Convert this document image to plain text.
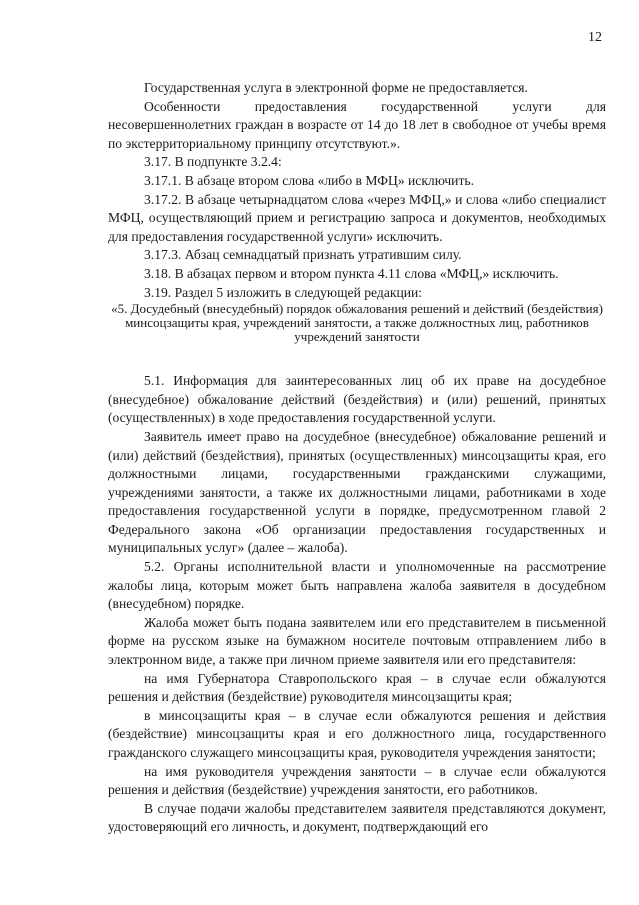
12

Государственная услуга в электронной форме не предоставляется.

Особенности предоставления государственной услуги для несовершеннолетних граждан в возрасте от 14 до 18 лет в свободное от учебы время по экстерриториальному принципу отсутствуют.».

3.17. В подпункте 3.2.4:

3.17.1. В абзаце втором слова «либо в МФЦ» исключить.

3.17.2. В абзаце четырнадцатом слова «через МФЦ,» и слова «либо специалист МФЦ, осуществляющий прием и регистрацию запроса и документов, необходимых для предоставления государственной услуги» исключить.

3.17.3. Абзац семнадцатый признать утратившим силу.

3.18. В абзацах первом и втором пункта 4.11 слова «МФЦ,» исключить.

3.19. Раздел 5 изложить в следующей редакции:

«5. Досудебный (внесудебный) порядок обжалования решений и действий (бездействия) минсоцзащиты края, учреждений занятости, а также должностных лиц, работников учреждений занятости

5.1. Информация для заинтересованных лиц об их праве на досудебное (внесудебное) обжалование действий (бездействия) и (или) решений, принятых (осуществленных) в ходе предоставления государственной услуги.

Заявитель имеет право на досудебное (внесудебное) обжалование решений и (или) действий (бездействия), принятых (осуществленных) минсоцзащиты края, его должностными лицами, государственными гражданскими служащими, учреждениями занятости, а также их должностными лицами, работниками в ходе предоставления государственной услуги в порядке, предусмотренном главой 2 Федерального закона «Об организации предоставления государственных и муниципальных услуг» (далее – жалоба).

5.2. Органы исполнительной власти и уполномоченные на рассмотрение жалобы лица, которым может быть направлена жалоба заявителя в досудебном (внесудебном) порядке.

Жалоба может быть подана заявителем или его представителем в письменной форме на русском языке на бумажном носителе почтовым отправлением либо в электронном виде, а также при личном приеме заявителя или его представителя:

на имя Губернатора Ставропольского края – в случае если обжалуются решения и действия (бездействие) руководителя минсоцзащиты края;

в минсоцзащиты края – в случае если обжалуются решения и действия (бездействие) минсоцзащиты края и его должностного лица, государственного гражданского служащего минсоцзащиты края, руководителя учреждения занятости;

на имя руководителя учреждения занятости – в случае если обжалуются решения и действия (бездействие) учреждения занятости, его работников.

В случае подачи жалобы представителем заявителя представляются документ, удостоверяющий его личность, и документ, подтверждающий его
